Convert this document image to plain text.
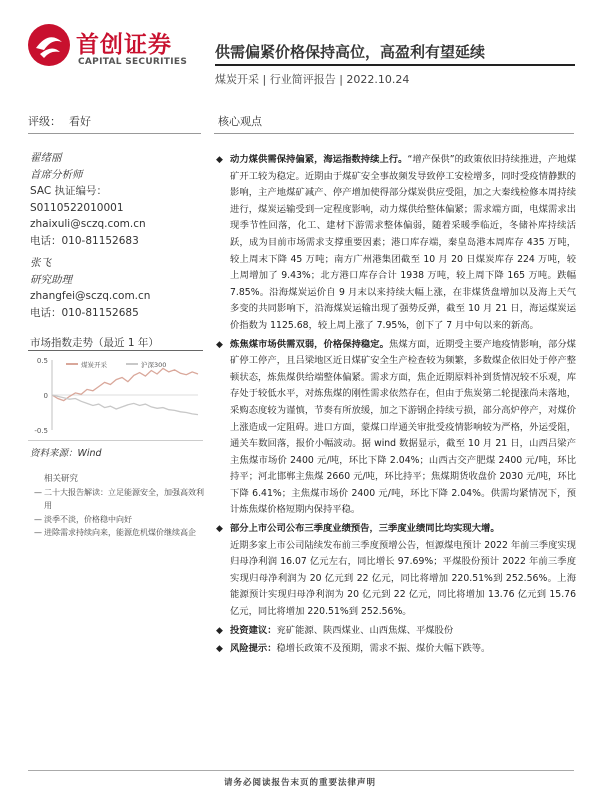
首创证券
CAPITAL SECURITIES
供需偏紧价格保持高位，高盈利有望延续
煤炭开采 | 行业简评报告 | 2022.10.24
评级： 看好	核心观点
翟绪丽
首席分析师
SAC 执证编号：
S0110522010001
zhaixuli@sczq.com.cn
电话：010-81152683
张飞
研究助理
zhangfei@sczq.com.cn
电话：010-81152685
市场指数走势（最近 1 年）
0.5
0
-0.5
煤炭开采	沪深300
资料来源：Wind
相关研究
— 二十大报告解读：立足能源安全，加强高效利用
— 淡季不淡，价格稳中向好
— 进除需求持续向来，能源危机煤价继续高企
◆ 动力煤供需保持偏紧，海运指数持续上行。“增产保供”的政策依旧持续推进，产地煤矿开工较为稳定。近期由于煤矿安全事故频发导致停工安检增多，同时受疫情静默的影响，主产地煤矿减产、停产增加使得部分煤炭供应受阻，加之大秦线检修本周持续进行，煤炭运输受到一定程度影响，动力煤供给整体偏紧；需求端方面，电煤需求出现季节性回落，化工、建材下游需求整体偏弱，随着采暖季临近，冬储补库持续活跃，成为目前市场需求支撑重要因素；港口库存端，秦皇岛港本周库存 435 万吨，较上周末下降 45 万吨；南方广州港集团截至 10 月 20 日煤炭库存 224 万吨，较上周增加了 9.43%；北方港口库存合计 1938 万吨，较上周下降 165 万吨。跌幅 7.85%。沿海煤炭运价自 9 月末以来持续大幅上涨，在非煤货盘增加以及海上天气多变的共同影响下，沿海煤炭运输出现了强势反弹，截至 10 月 21 日，海运煤炭运价指数为 1125.68，较上周上涨了 7.95%，创下了 7 月中旬以来的新高。
◆ 炼焦煤市场供需双弱，价格保持稳定。焦煤方面，近期受主要产地疫情影响，部分煤矿停工停产，且吕梁地区近日煤矿安全生产检查较为频繁，多数煤企依旧处于停产整顿状态，炼焦煤供给端整体偏紧。需求方面，焦企近期原料补到货情况较不乐观，库存处于较低水平，对炼焦煤的刚性需求依然存在，但由于焦炭第二轮提涨尚未落地，采购态度较为谨慎，节奏有所放缓，加之下游钢企持续亏损，部分高炉停产，对煤价上涨造成一定阻碍。进口方面，蒙煤口岸通关审批受疫情影响较为严格，外运受阻，通关车数回落，报价小幅波动。据 wind 数据显示，截至 10 月 21 日，山西吕梁产主焦煤市场价 2400 元/吨，环比下降 2.04%；山西古交产肥煤 2400 元/吨，环比持平；河北邯郸主焦煤 2660 元/吨，环比持平；焦煤期货收盘价 2030 元/吨，环比下降 6.41%；主焦煤市场价 2400 元/吨，环比下降 2.04%。供需均紧情况下，预计炼焦煤价格短期内保持平稳。
◆ 部分上市公司公布三季度业绩预告，三季度业绩同比均实现大增。
近期多家上市公司陆续发布前三季度预增公告，恒源煤电预计 2022 年前三季度实现归母净利润 16.07 亿元左右，同比增长 97.69%；平煤股份预计 2022 年前三季度实现归母净利润为 20 亿元到 22 亿元，同比将增加 220.51%到 252.56%。上海能源预计实现归母净利润为 20 亿元到 22 亿元，同比将增加 13.76 亿元到 15.76 亿元，同比将增加 220.51%到 252.56%。
◆ 投资建议：兖矿能源、陕西煤业、山西焦煤、平煤股份
◆ 风险提示：稳增长政策不及预期，需求不振、煤价大幅下跌等。
请务必阅读报告末页的重要法律声明
